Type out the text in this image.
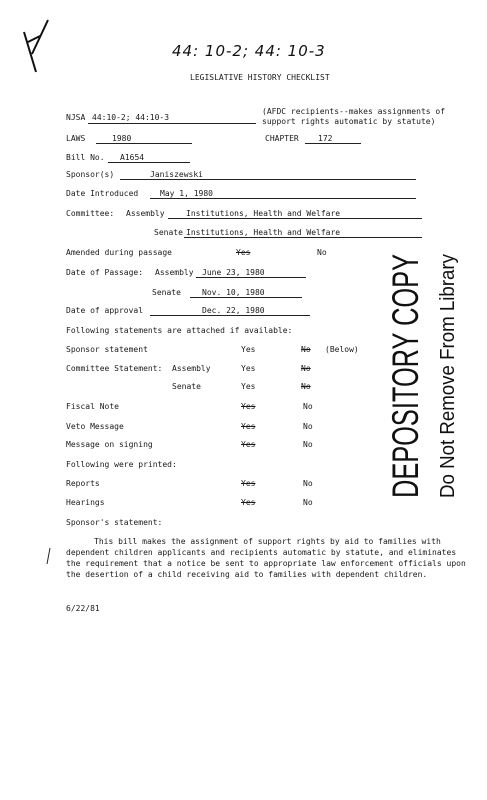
44: 10-2; 44: 10-3
LEGISLATIVE HISTORY CHECKLIST
NJSA 44:10-2; 44:10-3
(AFDC recipients--makes assignments of
support rights automatic by statute)
LAWS	1980	CHAPTER 172
Bill No. A1654
Sponsor(s)	Janiszewski
Date Introduced	May 1, 1980
Committee: Assembly	Institutions, Health and Welfare
Senate Institutions, Health and Welfare
Amended during passage	Yes	No
Date of Passage: Assembly June 23, 1980
Senate	Nov. 10, 1980
Date of approval	Dec. 22, 1980
Following statements are attached if available:
Sponsor statement	Yes	No (Below)
Committee Statement: Assembly	Yes	No
Senate	Yes	No
Fiscal Note	Yes	No
Veto Message	Yes	No
Message on signing	Yes	No
Following were printed:
Reports	Yes	No
Hearings	Yes	No
Sponsor's statement:
This bill makes the assignment of support rights by aid to families with dependent children applicants and recipients automatic by statute, and eliminates the requirement that a notice be sent to appropriate law enforcement officials upon the desertion of a child receiving aid to families with dependent children.
6/22/81
DEPOSITORY COPY Do Not Remove From Library
